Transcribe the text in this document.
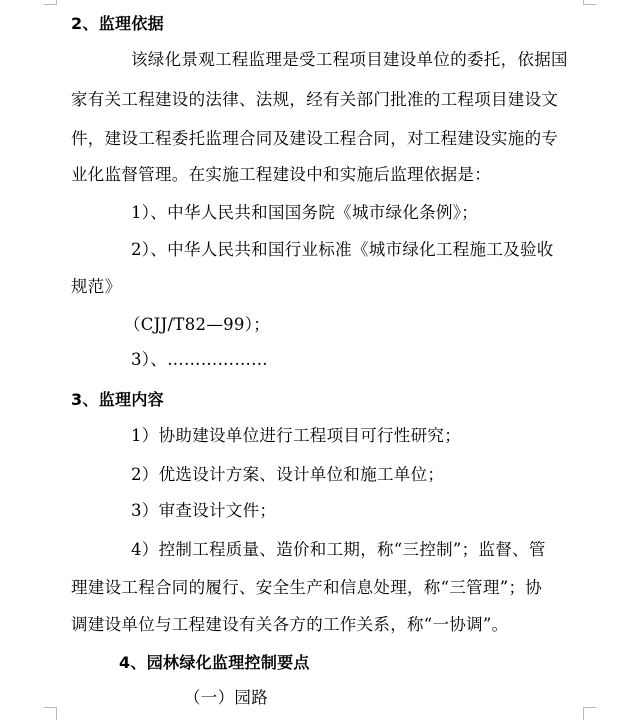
2、监理依据
该绿化景观工程监理是受工程项目建设单位的委托，依据国
家有关工程建设的法律、法规，经有关部门批准的工程项目建设文
件，建设工程委托监理合同及建设工程合同，对工程建设实施的专
业化监督管理。在实施工程建设中和实施后监理依据是：
1）、中华人民共和国国务院《城市绿化条例》；
2）、中华人民共和国行业标准《城市绿化工程施工及验收
规范》
（CJJ/T82—99）；
3）、………………
3、监理内容
1）协助建设单位进行工程项目可行性研究；
2）优选设计方案、设计单位和施工单位；
3）审查设计文件；
4）控制工程质量、造价和工期，称“三控制”；监督、管
理建设工程合同的履行、安全生产和信息处理，称“三管理”；协
调建设单位与工程建设有关各方的工作关系，称“一协调”。
4、园林绿化监理控制要点
（一）园路
